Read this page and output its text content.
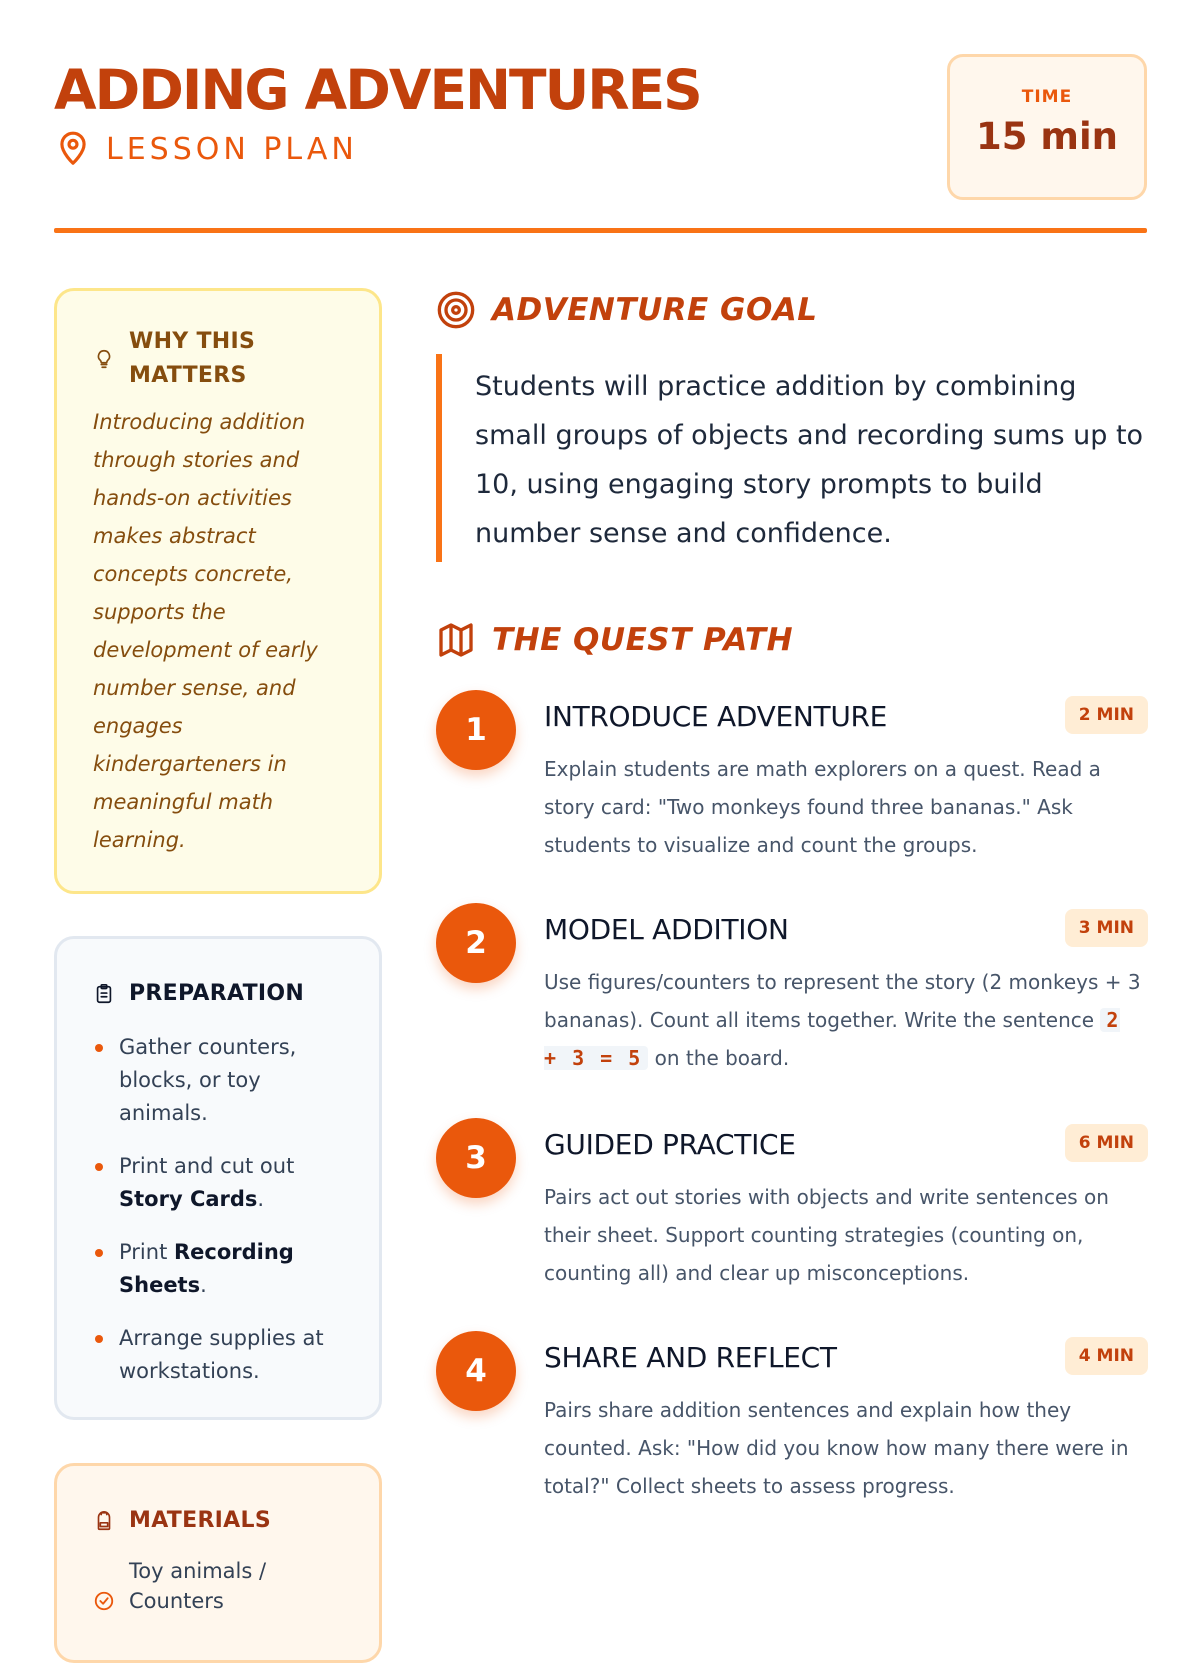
ADDING ADVENTURES
LESSON PLAN
TIME
15 min
WHY THIS MATTERS
Introducing addition through stories and hands-on activities makes abstract concepts concrete, supports the development of early number sense, and engages kindergarteners in meaningful math learning.
PREPARATION
Gather counters, blocks, or toy animals.
Print and cut out Story Cards.
Print Recording Sheets.
Arrange supplies at workstations.
MATERIALS
Toy animals / Counters
ADVENTURE GOAL
Students will practice addition by combining small groups of objects and recording sums up to 10, using engaging story prompts to build number sense and confidence.
THE QUEST PATH
1	INTRODUCE ADVENTURE	2 MIN
Explain students are math explorers on a quest. Read a story card: "Two monkeys found three bananas." Ask students to visualize and count the groups.
2	MODEL ADDITION	3 MIN
Use figures/counters to represent the story (2 monkeys + 3 bananas). Count all items together. Write the sentence 2 + 3 = 5 on the board.
3	GUIDED PRACTICE	6 MIN
Pairs act out stories with objects and write sentences on their sheet. Support counting strategies (counting on, counting all) and clear up misconceptions.
4	SHARE AND REFLECT	4 MIN
Pairs share addition sentences and explain how they counted. Ask: "How did you know how many there were in total?" Collect sheets to assess progress.
